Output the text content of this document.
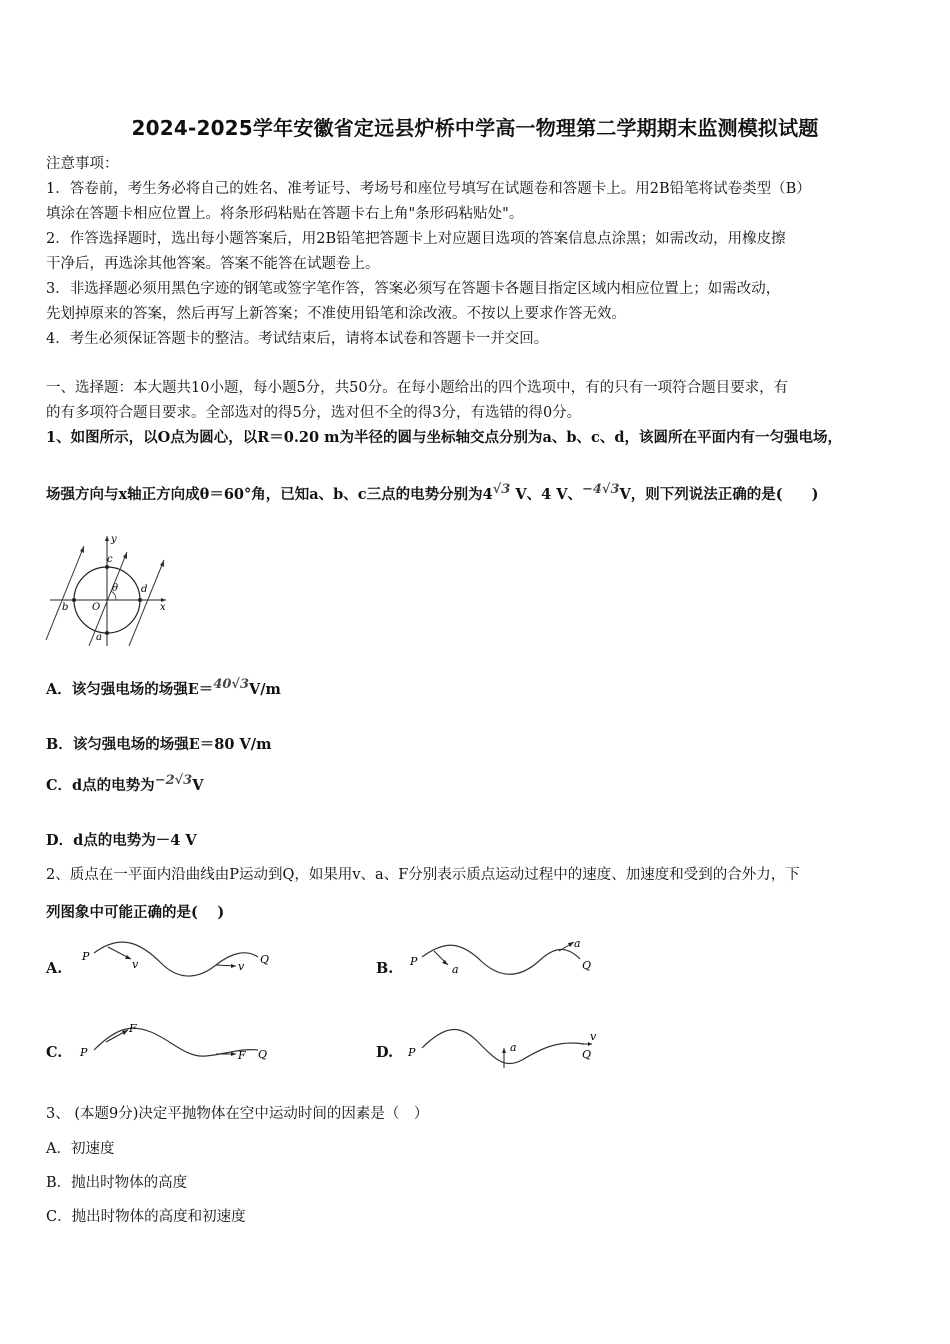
2024-2025学年安徽省定远县炉桥中学高一物理第二学期期末监测模拟试题
注意事项：
1．答卷前，考生务必将自己的姓名、准考证号、考场号和座位号填写在试题卷和答题卡上。用2B铅笔将试卷类型（B）
填涂在答题卡相应位置上。将条形码粘贴在答题卡右上角"条形码粘贴处"。
2．作答选择题时，选出每小题答案后，用2B铅笔把答题卡上对应题目选项的答案信息点涂黑；如需改动，用橡皮擦
干净后，再选涂其他答案。答案不能答在试题卷上。
3．非选择题必须用黑色字迹的钢笔或签字笔作答，答案必须写在答题卡各题目指定区域内相应位置上；如需改动，
先划掉原来的答案，然后再写上新答案；不准使用铅笔和涂改液。不按以上要求作答无效。
4．考生必须保证答题卡的整洁。考试结束后，请将本试卷和答题卡一并交回。
一、选择题：本大题共10小题，每小题5分，共50分。在每小题给出的四个选项中，有的只有一项符合题目要求，有
的有多项符合题目要求。全部选对的得5分，选对但不全的得3分，有选错的得0分。
1、如图所示，以O点为圆心，以R＝0.20 m为半径的圆与坐标轴交点分别为a、b、c、d，该圆所在平面内有一匀强电场，
场强方向与x轴正方向成θ＝60°角，已知a、b、c三点的电势分别为4√3 V、4 V、−4√3V，则下列说法正确的是(　　)
y
x
c
d
b O
a
θ
A．该匀强电场的场强E＝40√3V/m
B．该匀强电场的场强E＝80 V/m
C．d点的电势为−2√3V
D．d点的电势为－4 V
2、质点在一平面内沿曲线由P运动到Q，如果用v、a、F分别表示质点运动过程中的速度、加速度和受到的合外力，下
列图象中可能正确的是(　 )
A.
P
v	v
Q
B. P
a
a
Q
C. P
F
F Q	D. P	a
v
Q
3、 (本题9分)决定平抛物体在空中运动时间的因素是（　）
A．初速度
B．抛出时物体的高度
C．抛出时物体的高度和初速度
